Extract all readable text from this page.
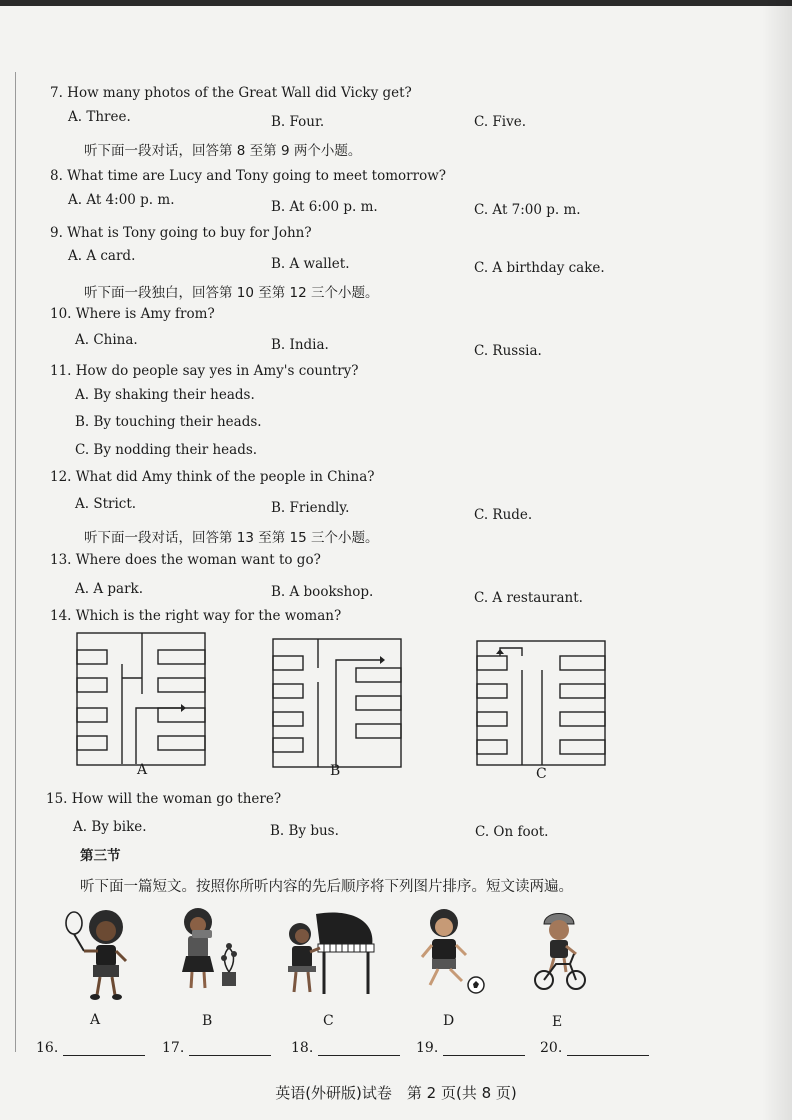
7. How many photos of the Great Wall did Vicky get?
A. Three.	B. Four.	C. Five.
听下面一段对话，回答第 8 至第 9 两个小题。
8. What time are Lucy and Tony going to meet tomorrow?
A. At 4:00 p. m.	B. At 6:00 p. m.	C. At 7:00 p. m.
9. What is Tony going to buy for John?
A. A card.	B. A wallet.	C. A birthday cake.
听下面一段独白，回答第 10 至第 12 三个小题。
10. Where is Amy from?
A. China.	B. India.	C. Russia.
11. How do people say yes in Amy's country?
A. By shaking their heads.
B. By touching their heads.
C. By nodding their heads.
12. What did Amy think of the people in China?
A. Strict.	B. Friendly.	C. Rude.
听下面一段对话，回答第 13 至第 15 三个小题。
13. Where does the woman want to go?
A. A park.	B. A bookshop.	C. A restaurant.
14. Which is the right way for the woman?
A	B	C
15. How will the woman go there?
A. By bike.	B. By bus.	C. On foot.
第三节
听下面一篇短文。按照你所听内容的先后顺序将下列图片排序。短文读两遍。
A	B	C	D	E
16.	17.	18.	19.	20.
英语(外研版)试卷　第 2 页(共 8 页)
